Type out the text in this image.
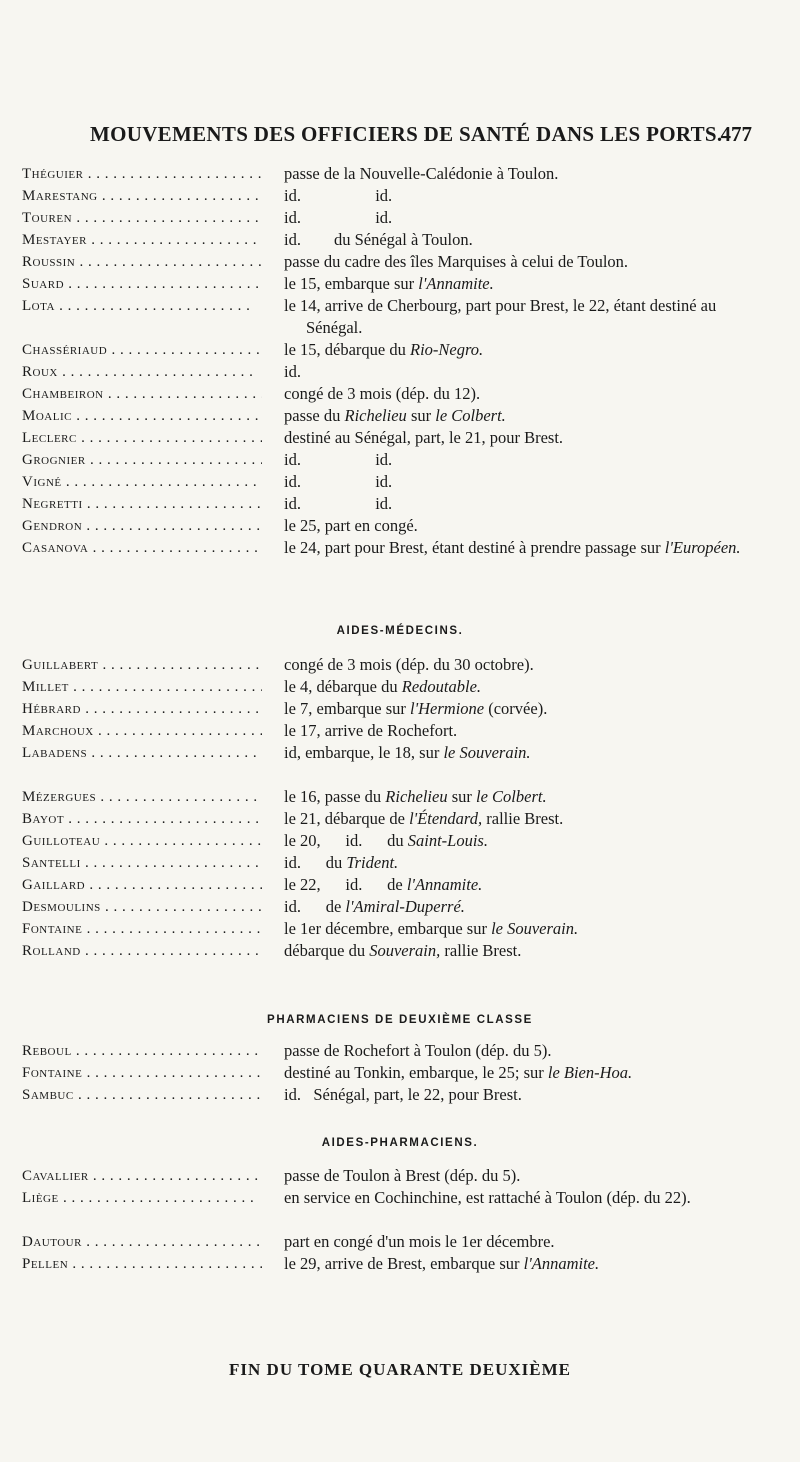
MOUVEMENTS DES OFFICIERS DE SANTÉ DANS LES PORTS.
477
Théguier . . .	passe de la Nouvelle-Calédonie à Toulon.
Marestang . . .	id.                  id.
Touren . . .	id.                  id.
Mestayer . . .	id.        du Sénégal à Toulon.
Roussin . . .	passe du cadre des îles Marquises à celui de Toulon.
Suard . . .	le 15, embarque sur l'Annamite.
Lota . . .	le 14, arrive de Cherbourg, part pour Brest, le 22, étant destiné au Sénégal.
Chassériaud . . .	le 15, débarque du Rio-Negro.
Roux . . .	id.
Chambeiron . . .	congé de 3 mois (dép. du 12).
Moalic . . .	passe du Richelieu sur le Colbert.
Leclerc . . .	destiné au Sénégal, part, le 21, pour Brest.
Grognier . . .	id.                  id.
Vigné . . .	id.                  id.
Negretti . . .	id.                  id.
Gendron . . .	le 25, part en congé.
Casanova . . .	le 24, part pour Brest, étant destiné à prendre passage sur l'Européen.
AIDES-MÉDECINS.
Guillabert . . .	congé de 3 mois (dép. du 30 octobre).
Millet . . .	le 4, débarque du Redoutable.
Hébrard . . .	le 7, embarque sur l'Hermione (corvée).
Marchoux . . .	le 17, arrive de Rochefort.
Labadens . . .	id, embarque, le 18, sur le Souverain.
Mézergues . . .	le 16, passe du Richelieu sur le Colbert.
Bayot . . .	le 21, débarque de l'Étendard, rallie Brest.
Guilloteau . . .	le 20,      id.      du Saint-Louis.
Santelli . . .	id.      du Trident.
Gaillard . . .	le 22,      id.      de l'Annamite.
Desmoulins . . .	id.      de l'Amiral-Duperré.
Fontaine . . .	le 1er décembre, embarque sur le Souverain.
Rolland . . .	débarque du Souverain, rallie Brest.
PHARMACIENS DE DEUXIÈME CLASSE
Reboul . . .	passe de Rochefort à Toulon (dép. du 5).
Fontaine . . .	destiné au Tonkin, embarque, le 25; sur le Bien-Hoa.
Sambuc . . .	id.   Sénégal, part, le 22, pour Brest.
AIDES-PHARMACIENS.
Cavallier . . .	passe de Toulon à Brest (dép. du 5).
Liège . . .	en service en Cochinchine, est rattaché à Toulon (dép. du 22).
Dautour . . .	part en congé d'un mois le 1er décembre.
Pellen . . .	le 29, arrive de Brest, embarque sur l'Annamite.
FIN DU TOME QUARANTE DEUXIÈME
